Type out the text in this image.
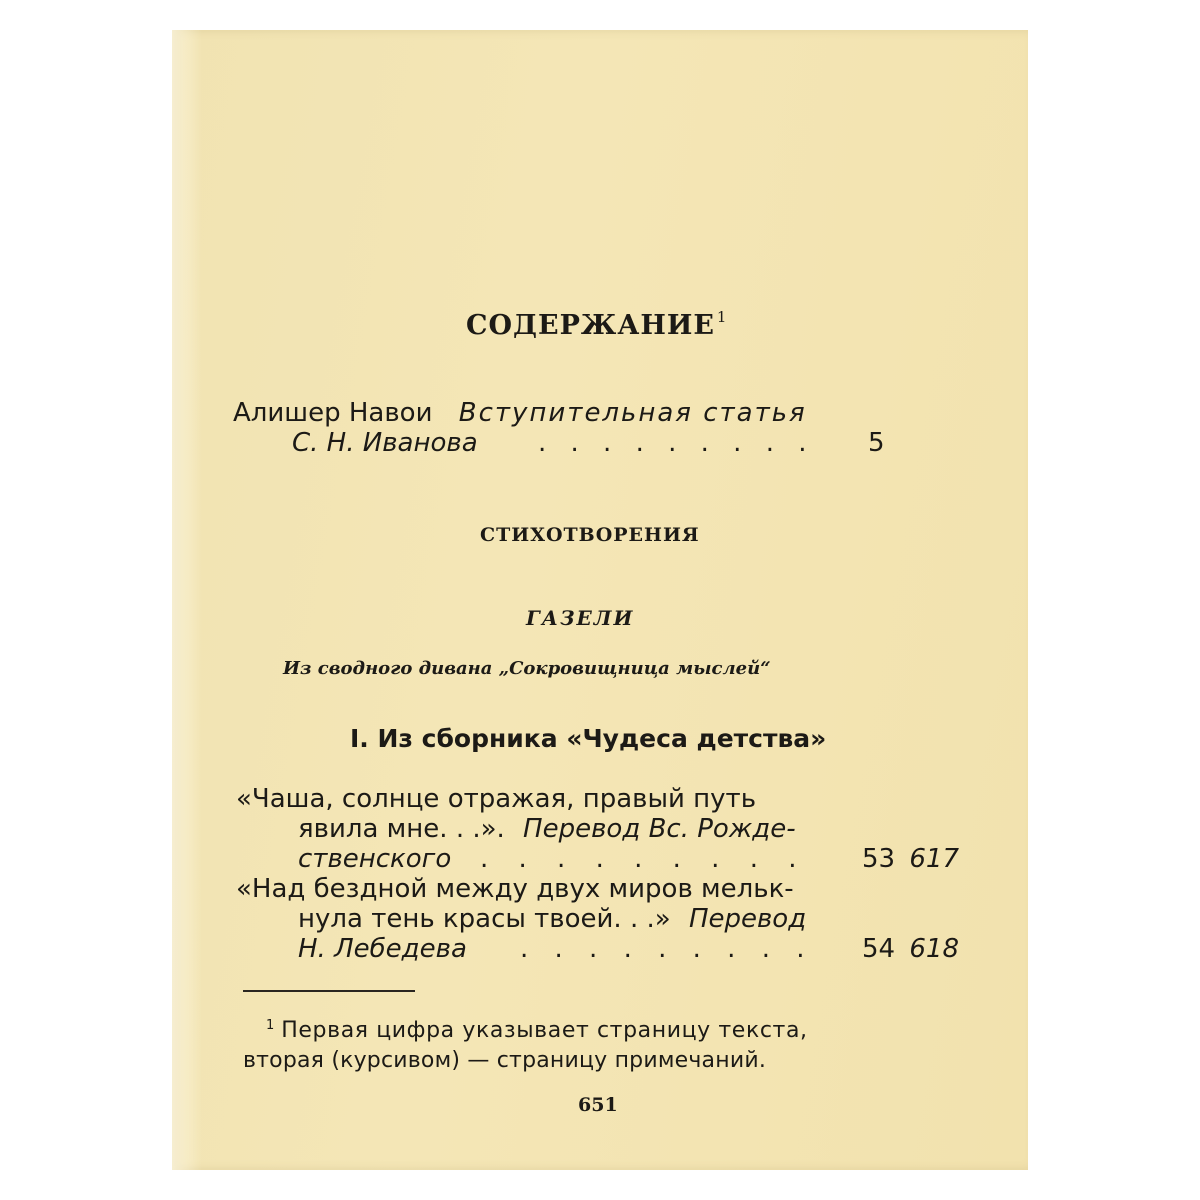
СОДЕРЖАНИЕ $^1$
Алишер Навои Вступительная статья
С. Н. Иванова . . . . . . . . . 5
СТИХОТВОРЕНИЯ
ГАЗЕЛИ
Из сводного дивана „Сокровищница мыслей“
I. Из сборника «Чудеса детства»
«Чаша, солнце отражая, правый путь
явила мне. . .». Перевод Вс. Рожде-
ственского . . . . . . . . . 53 617
«Над бездной между двух миров мельк-
нула тень красы твоей. . .» Перевод
Н. Лебедева . . . . . . . . . 54 618
$^1$ Первая цифра указывает страницу текста,
вторая (курсивом) — страницу примечаний.
651
